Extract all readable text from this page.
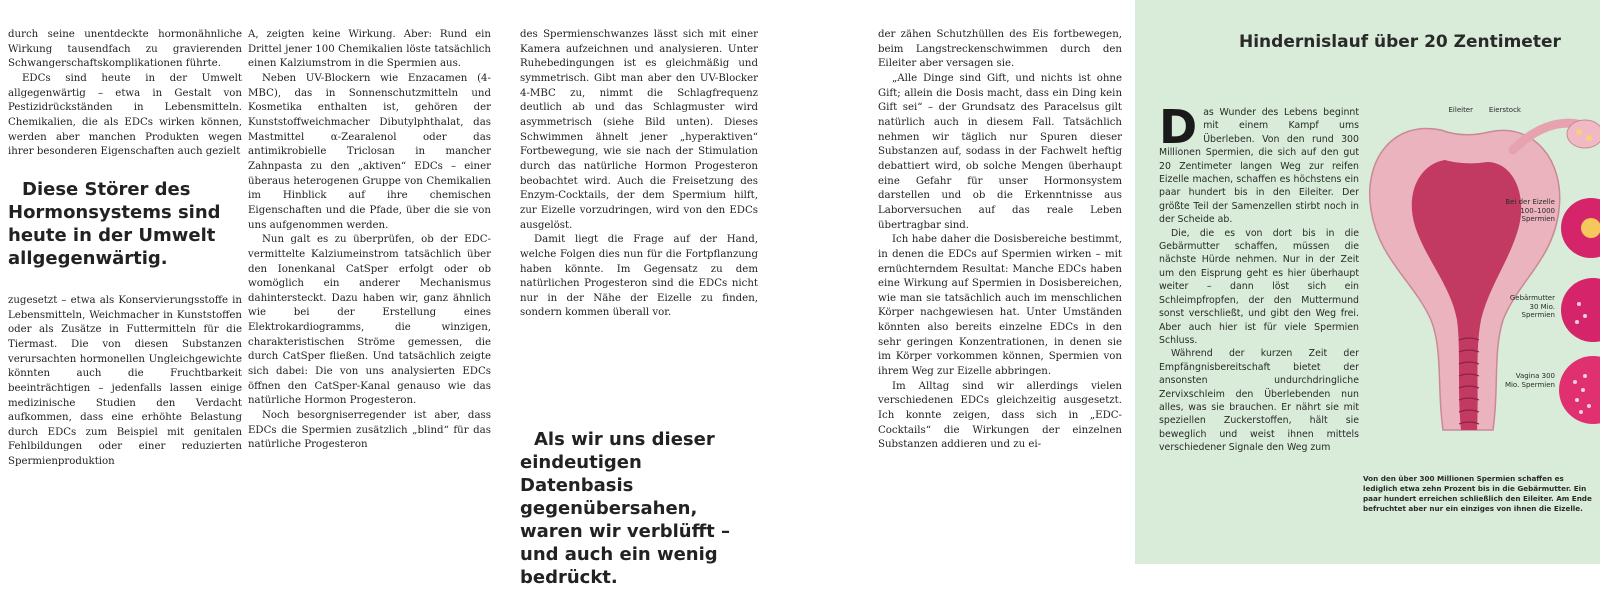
durch seine unentdeckte hormonähnliche Wirkung tausendfach zu gravierenden Schwangerschaftskomplikationen führte.

EDCs sind heute in der Umwelt allgegenwärtig – etwa in Gestalt von Pestizidrückständen in Lebensmitteln. Chemikalien, die als EDCs wirken können, werden aber manchen Produkten wegen ihrer besonderen Eigenschaften auch gezielt

Diese Störer des Hormonsystems sind heute in der Umwelt allgegenwärtig.

zugesetzt – etwa als Konservierungsstoffe in Lebensmitteln, Weichmacher in Kunststoffen oder als Zusätze in Futtermitteln für die Tiermast. Die von diesen Substanzen verursachten hormonellen Ungleichgewichte könnten auch die Fruchtbarkeit beeinträchtigen – jedenfalls lassen einige medizinische Studien den Verdacht aufkommen, dass eine erhöhte Belastung durch EDCs zum Beispiel mit genitalen Fehlbildungen oder einer reduzierten Spermienproduktion

A, zeigten keine Wirkung. Aber: Rund ein Drittel jener 100 Chemikalien löste tatsächlich einen Kalziumstrom in die Spermien aus.

Neben UV-Blockern wie Enzacamen (4-MBC), das in Sonnenschutzmitteln und Kosmetika enthalten ist, gehören der Kunststoffweichmacher Dibutylphthalat, das Mastmittel α-Zearalenol oder das antimikrobielle Triclosan in mancher Zahnpasta zu den „aktiven“ EDCs – einer überaus heterogenen Gruppe von Chemikalien im Hinblick auf ihre chemischen Eigenschaften und die Pfade, über die sie von uns aufgenommen werden.

Nun galt es zu überprüfen, ob der EDC-vermittelte Kalziumeinstrom tatsächlich über den Ionenkanal CatSper erfolgt oder ob womöglich ein anderer Mechanismus dahintersteckt. Dazu haben wir, ganz ähnlich wie bei der Erstellung eines Elektrokardiogramms, die winzigen, charakteristischen Ströme gemessen, die durch CatSper fließen. Und tatsächlich zeigte sich dabei: Die von uns analysierten EDCs öffnen den CatSper-Kanal genauso wie das natürliche Hormon Progesteron.

Noch besorgniserregender ist aber, dass EDCs die Spermien zusätzlich „blind“ für das natürliche Progesteron

des Spermienschwanzes lässt sich mit einer Kamera aufzeichnen und analysieren. Unter Ruhebedingungen ist es gleichmäßig und symmetrisch. Gibt man aber den UV-Blocker 4-MBC zu, nimmt die Schlagfrequenz deutlich ab und das Schlagmuster wird asymmetrisch (siehe Bild unten). Dieses Schwimmen ähnelt jener „hyperaktiven“ Fortbewegung, wie sie nach der Stimulation durch das natürliche Hormon Progesteron beobachtet wird. Auch die Freisetzung des Enzym-Cocktails, der dem Spermium hilft, zur Eizelle vorzudringen, wird von den EDCs ausgelöst.

Damit liegt die Frage auf der Hand, welche Folgen dies nun für die Fortpflanzung haben könnte. Im Gegensatz zu dem natürlichen Progesteron sind die EDCs nicht nur in der Nähe der Eizelle zu finden, sondern kommen überall vor.

Als wir uns dieser eindeutigen Datenbasis gegenübersahen, waren wir verblüfft – und auch ein wenig bedrückt.

der zähen Schutzhüllen des Eis fortbewegen, beim Langstreckenschwimmen durch den Eileiter aber versagen sie.

„Alle Dinge sind Gift, und nichts ist ohne Gift; allein die Dosis macht, dass ein Ding kein Gift sei“ – der Grundsatz des Paracelsus gilt natürlich auch in diesem Fall. Tatsächlich nehmen wir täglich nur Spuren dieser Substanzen auf, sodass in der Fachwelt heftig debattiert wird, ob solche Mengen überhaupt eine Gefahr für unser Hormonsystem darstellen und ob die Erkenntnisse aus Laborversuchen auf das reale Leben übertragbar sind.

Ich habe daher die Dosisbereiche bestimmt, in denen die EDCs auf Spermien wirken – mit ernüchterndem Resultat: Manche EDCs haben eine Wirkung auf Spermien in Dosisbereichen, wie man sie tatsächlich auch im menschlichen Körper nachgewiesen hat. Unter Umständen könnten also bereits einzelne EDCs in den sehr geringen Konzentrationen, in denen sie im Körper vorkommen können, Spermien von ihrem Weg zur Eizelle abbringen.

Im Alltag sind wir allerdings vielen verschiedenen EDCs gleichzeitig ausgesetzt. Ich konnte zeigen, dass sich in „EDC-Cocktails“ die Wirkungen der einzelnen Substanzen addieren und zu ei-

Hindernislauf über 20 Zentimeter

Das Wunder des Lebens beginnt mit einem Kampf ums Überleben. Von den rund 300 Millionen Spermien, die sich auf den gut 20 Zentimeter langen Weg zur reifen Eizelle machen, schaffen es höchstens ein paar hundert bis in den Eileiter. Der größte Teil der Samenzellen stirbt noch in der Scheide ab.

Die, die es von dort bis in die Gebärmutter schaffen, müssen die nächste Hürde nehmen. Nur in der Zeit um den Eisprung geht es hier überhaupt weiter – dann löst sich ein Schleimpfropfen, der den Muttermund sonst verschließt, und gibt den Weg frei. Aber auch hier ist für viele Spermien Schluss.

Während der kurzen Zeit der Empfängnisbereitschaft bietet der ansonsten undurchdringliche Zervixschleim den Überlebenden nun alles, was sie brauchen. Er nährt sie mit speziellen Zuckerstoffen, hält sie beweglich und weist ihnen mittels verschiedener Signale den Weg zum

Eileiter	Eierstock
Bei der Eizelle 100–1000 Spermien
Gebärmutter 30 Mio. Spermien
Vagina 300 Mio. Spermien
Von den über 300 Millionen Spermien schaffen es lediglich etwa zehn Prozent bis in die Gebärmutter. Ein paar hundert erreichen schließlich den Eileiter. Am Ende befruchtet aber nur ein einziges von ihnen die Eizelle.
